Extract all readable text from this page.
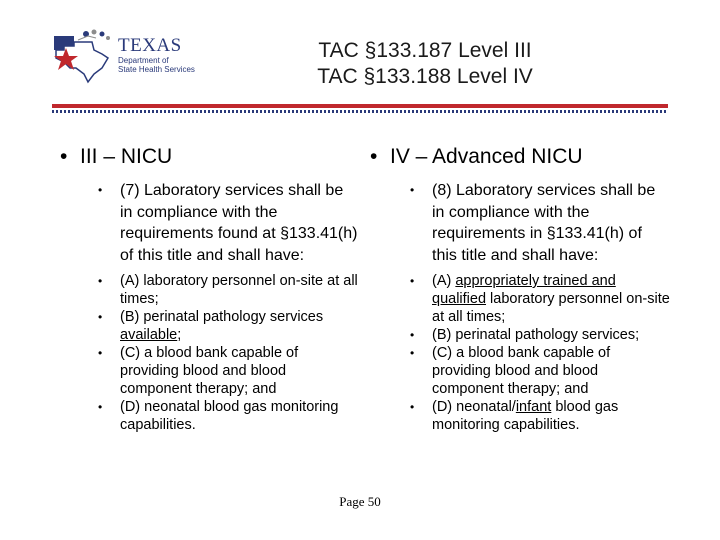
TEXAS
Department of
State Health Services
TAC §133.187 Level III
TAC §133.188 Level IV
• III – NICU
• (7) Laboratory services shall be in compliance with the requirements found at §133.41(h) of this title and shall have:
• (A) laboratory personnel on-site at all times;
• (B) perinatal pathology services available;
• (C) a blood bank capable of providing blood and blood component therapy; and
• (D) neonatal blood gas monitoring capabilities.
• IV – Advanced NICU
• (8) Laboratory services shall be in compliance with the requirements in §133.41(h) of this title and shall have:
• (A) appropriately trained and qualified laboratory personnel on-site at all times;
• (B) perinatal pathology services;
• (C) a blood bank capable of providing blood and blood component therapy; and
• (D) neonatal/infant blood gas monitoring capabilities.
Page 50
